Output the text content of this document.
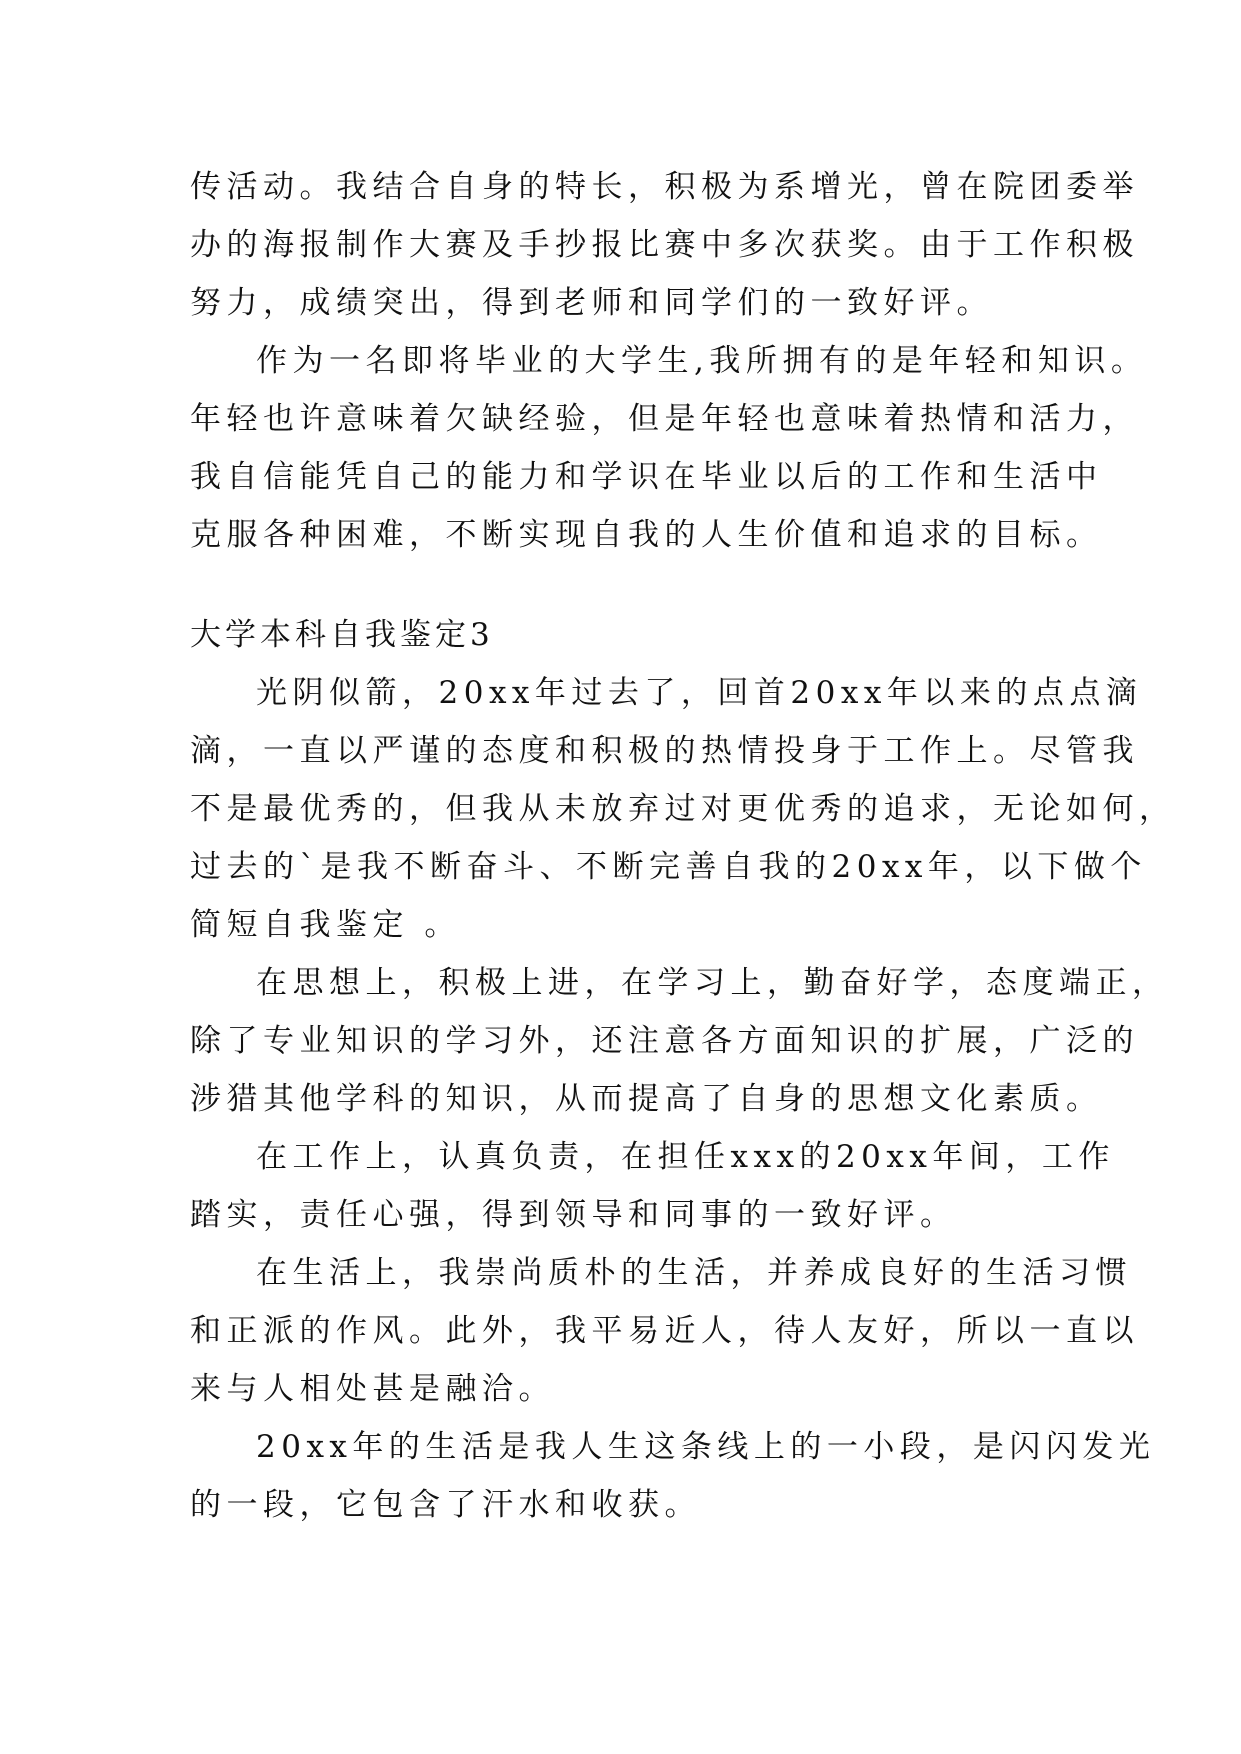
传活动。我结合自身的特长，积极为系增光，曾在院团委举
办的海报制作大赛及手抄报比赛中多次获奖。由于工作积极
努力，成绩突出，得到老师和同学们的一致好评。
作为一名即将毕业的大学生,我所拥有的是年轻和知识。
年轻也许意味着欠缺经验，但是年轻也意味着热情和活力，
我自信能凭自己的能力和学识在毕业以后的工作和生活中
克服各种困难，不断实现自我的人生价值和追求的目标。
大学本科自我鉴定3
光阴似箭，20xx年过去了，回首20xx年以来的点点滴
滴，一直以严谨的态度和积极的热情投身于工作上。尽管我
不是最优秀的，但我从未放弃过对更优秀的追求，无论如何，
过去的`是我不断奋斗、不断完善自我的20xx年，以下做个
简短自我鉴定 。
在思想上，积极上进，在学习上，勤奋好学，态度端正，
除了专业知识的学习外，还注意各方面知识的扩展，广泛的
涉猎其他学科的知识，从而提高了自身的思想文化素质。
在工作上，认真负责，在担任xxx的20xx年间，工作
踏实，责任心强，得到领导和同事的一致好评。
在生活上，我崇尚质朴的生活，并养成良好的生活习惯
和正派的作风。此外，我平易近人，待人友好，所以一直以
来与人相处甚是融洽。
20xx年的生活是我人生这条线上的一小段，是闪闪发光
的一段，它包含了汗水和收获。
